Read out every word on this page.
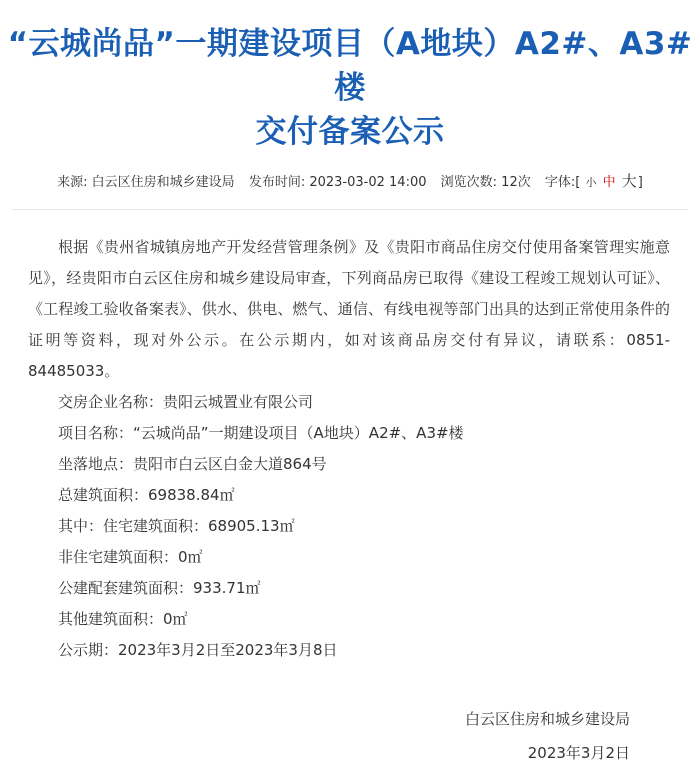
“云城尚品”一期建设项目（A地块）A2#、A3#楼
交付备案公示
来源: 白云区住房和城乡建设局 发布时间: 2023-03-02 14:00 浏览次数: 12次 字体:[ 小 中 大]

根据《贵州省城镇房地产开发经营管理条例》及《贵阳市商品住房交付使用备案管理实施意见》，经贵阳市白云区住房和城乡建设局审查，下列商品房已取得《建设工程竣工规划认可证》、《工程竣工验收备案表》、供水、供电、燃气、通信、有线电视等部门出具的达到正常使用条件的证明等资料，现对外公示。在公示期内，如对该商品房交付有异议，请联系：0851-84485033。

交房企业名称：贵阳云城置业有限公司

项目名称：“云城尚品”一期建设项目（A地块）A2#、A3#楼

坐落地点：贵阳市白云区白金大道864号

总建筑面积：69838.84㎡

其中：住宅建筑面积：68905.13㎡

非住宅建筑面积：0㎡

公建配套建筑面积：933.71㎡

其他建筑面积：0㎡

公示期：2023年3月2日至2023年3月8日

白云区住房和城乡建设局
2023年3月2日
